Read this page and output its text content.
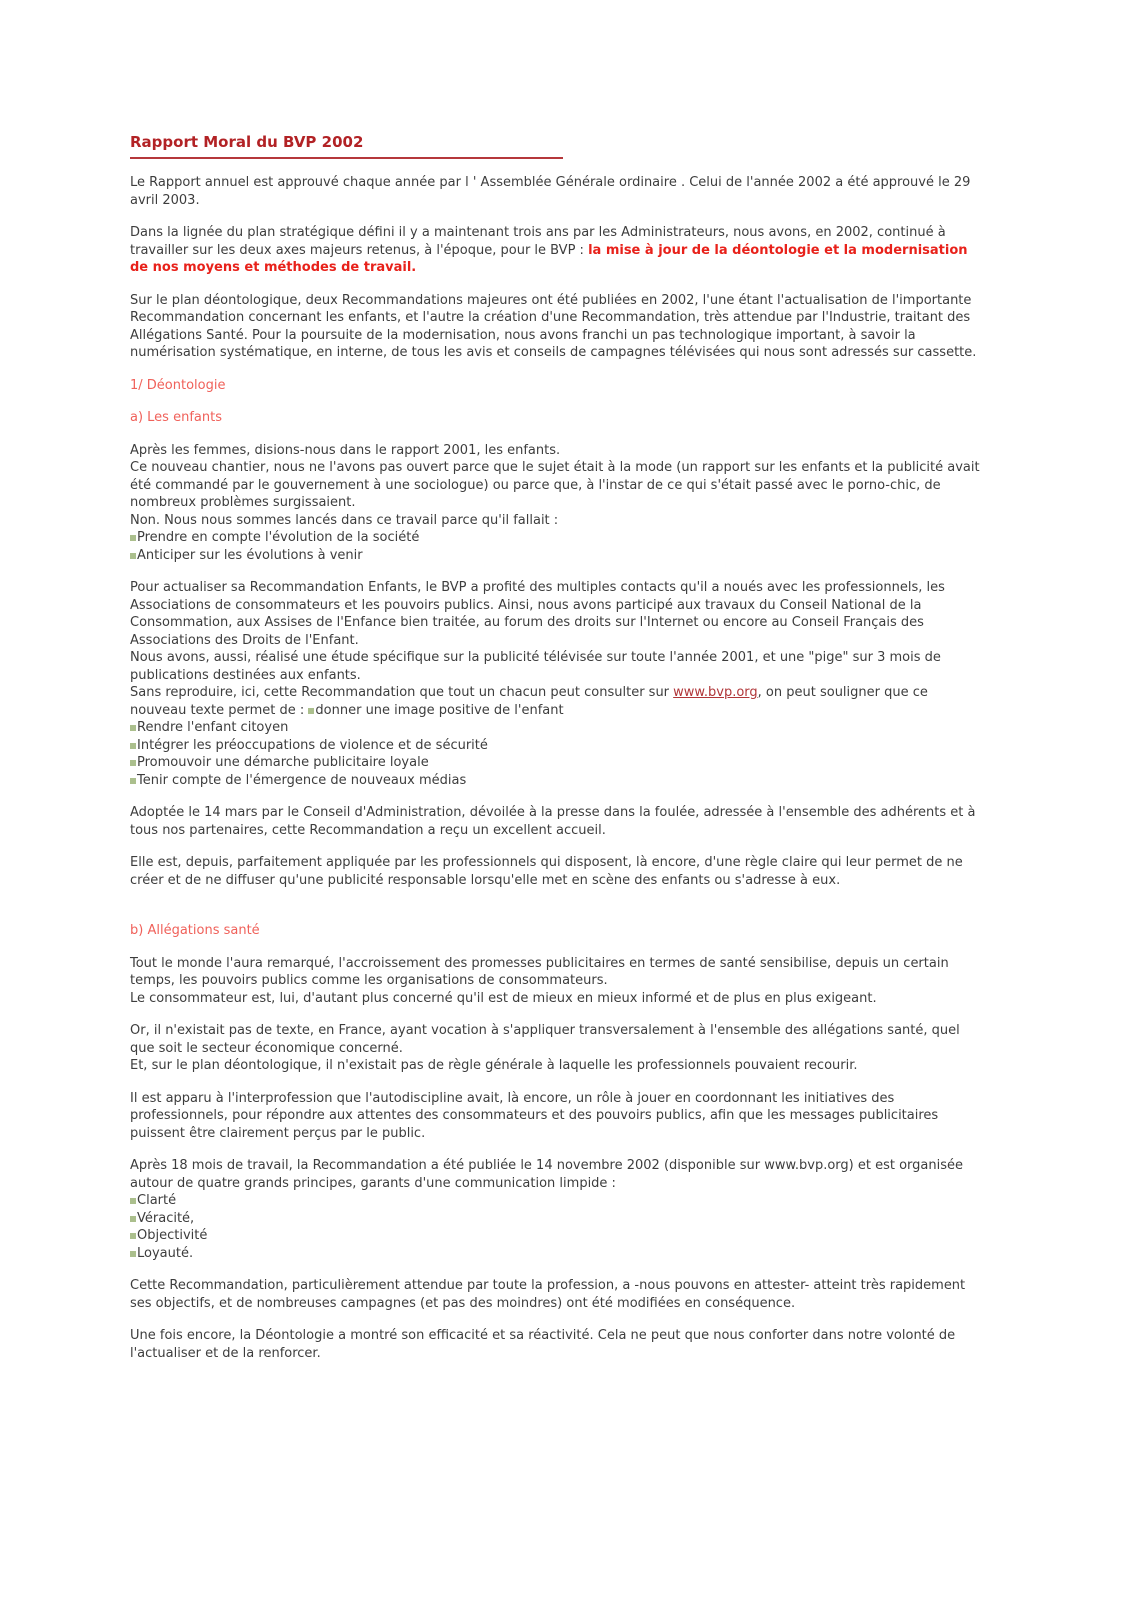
Rapport Moral du BVP 2002
Le Rapport annuel est approuvé chaque année par l ' Assemblée Générale ordinaire . Celui de l'année 2002 a été approuvé le 29 avril 2003.
Dans la lignée du plan stratégique défini il y a maintenant trois ans par les Administrateurs, nous avons, en 2002, continué à travailler sur les deux axes majeurs retenus, à l'époque, pour le BVP : la mise à jour de la déontologie et la modernisation de nos moyens et méthodes de travail.
Sur le plan déontologique, deux Recommandations majeures ont été publiées en 2002, l'une étant l'actualisation de l'importante Recommandation concernant les enfants, et l'autre la création d'une Recommandation, très attendue par l'Industrie, traitant des Allégations Santé. Pour la poursuite de la modernisation, nous avons franchi un pas technologique important, à savoir la numérisation systématique, en interne, de tous les avis et conseils de campagnes télévisées qui nous sont adressés sur cassette.
1/ Déontologie
a) Les enfants
Après les femmes, disions-nous dans le rapport 2001, les enfants.
Ce nouveau chantier, nous ne l'avons pas ouvert parce que le sujet était à la mode (un rapport sur les enfants et la publicité avait été commandé par le gouvernement à une sociologue) ou parce que, à l'instar de ce qui s'était passé avec le porno-chic, de nombreux problèmes surgissaient.
Non. Nous nous sommes lancés dans ce travail parce qu'il fallait :
Prendre en compte l'évolution de la société
Anticiper sur les évolutions à venir
Pour actualiser sa Recommandation Enfants, le BVP a profité des multiples contacts qu'il a noués avec les professionnels, les Associations de consommateurs et les pouvoirs publics. Ainsi, nous avons participé aux travaux du Conseil National de la Consommation, aux Assises de l'Enfance bien traitée, au forum des droits sur l'Internet ou encore au Conseil Français des Associations des Droits de l'Enfant.
Nous avons, aussi, réalisé une étude spécifique sur la publicité télévisée sur toute l'année 2001, et une "pige" sur 3 mois de publications destinées aux enfants.
Sans reproduire, ici, cette Recommandation que tout un chacun peut consulter sur www.bvp.org, on peut souligner que ce nouveau texte permet de : donner une image positive de l'enfant
Rendre l'enfant citoyen
Intégrer les préoccupations de violence et de sécurité
Promouvoir une démarche publicitaire loyale
Tenir compte de l'émergence de nouveaux médias
Adoptée le 14 mars par le Conseil d'Administration, dévoilée à la presse dans la foulée, adressée à l'ensemble des adhérents et à tous nos partenaires, cette Recommandation a reçu un excellent accueil.
Elle est, depuis, parfaitement appliquée par les professionnels qui disposent, là encore, d'une règle claire qui leur permet de ne créer et de ne diffuser qu'une publicité responsable lorsqu'elle met en scène des enfants ou s'adresse à eux.
b) Allégations santé
Tout le monde l'aura remarqué, l'accroissement des promesses publicitaires en termes de santé sensibilise, depuis un certain temps, les pouvoirs publics comme les organisations de consommateurs.
Le consommateur est, lui, d'autant plus concerné qu'il est de mieux en mieux informé et de plus en plus exigeant.
Or, il n'existait pas de texte, en France, ayant vocation à s'appliquer transversalement à l'ensemble des allégations santé, quel que soit le secteur économique concerné.
Et, sur le plan déontologique, il n'existait pas de règle générale à laquelle les professionnels pouvaient recourir.
Il est apparu à l'interprofession que l'autodiscipline avait, là encore, un rôle à jouer en coordonnant les initiatives des professionnels, pour répondre aux attentes des consommateurs et des pouvoirs publics, afin que les messages publicitaires puissent être clairement perçus par le public.
Après 18 mois de travail, la Recommandation a été publiée le 14 novembre 2002 (disponible sur www.bvp.org) et est organisée autour de quatre grands principes, garants d'une communication limpide :
Clarté
Véracité,
Objectivité
Loyauté.
Cette Recommandation, particulièrement attendue par toute la profession, a -nous pouvons en attester- atteint très rapidement ses objectifs, et de nombreuses campagnes (et pas des moindres) ont été modifiées en conséquence.
Une fois encore, la Déontologie a montré son efficacité et sa réactivité. Cela ne peut que nous conforter dans notre volonté de l'actualiser et de la renforcer.
